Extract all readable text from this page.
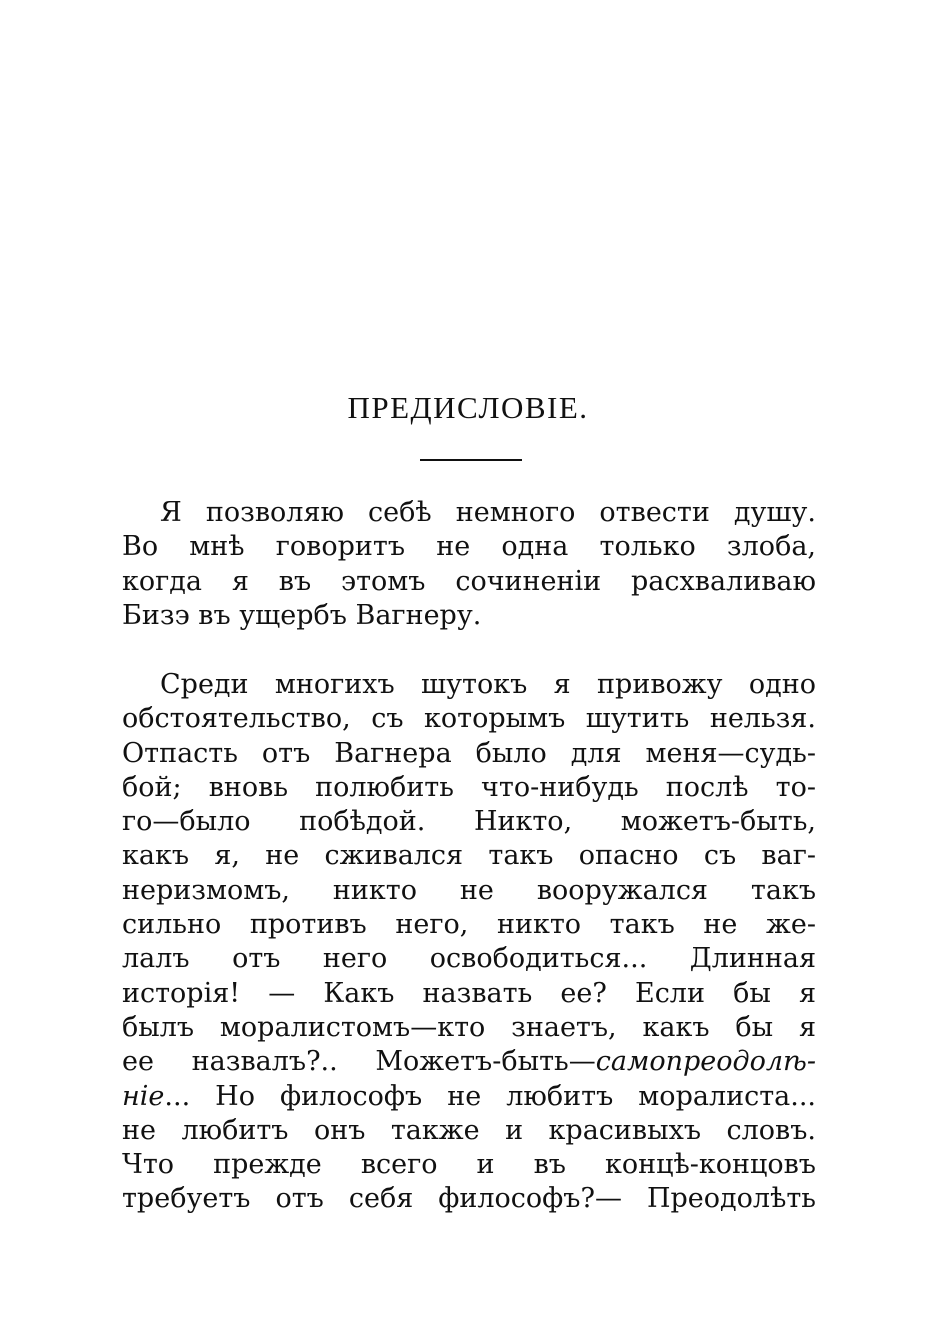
ПРЕДИСЛОВІЕ.

Я позволяю себѣ немного отвести душу.
Во мнѣ говоритъ не одна только злоба,
когда я въ этомъ сочиненіи расхваливаю
Бизэ въ ущербъ Вагнеру.

Среди многихъ шутокъ я привожу одно
обстоятельство, съ которымъ шутить нельзя.
Отпасть отъ Вагнера было для меня—судь-
бой; вновь полюбить что-нибудь послѣ то-
го—было побѣдой. Никто, можетъ-быть,
какъ я, не сживался такъ опасно съ ваг-
неризмомъ, никто не вооружался такъ
сильно противъ него, никто такъ не же-
лалъ отъ него освободиться... Длинная
исторія! — Какъ назвать ее? Если бы я
былъ моралистомъ—кто знаетъ, какъ бы я
ее назвалъ?.. Можетъ-быть—самопреодолѣ-
ніе... Но философъ не любитъ моралиста...
не любитъ онъ также и красивыхъ словъ.
Что прежде всего и въ концѣ-концовъ
требуетъ отъ себя философъ?— Преодолѣть
